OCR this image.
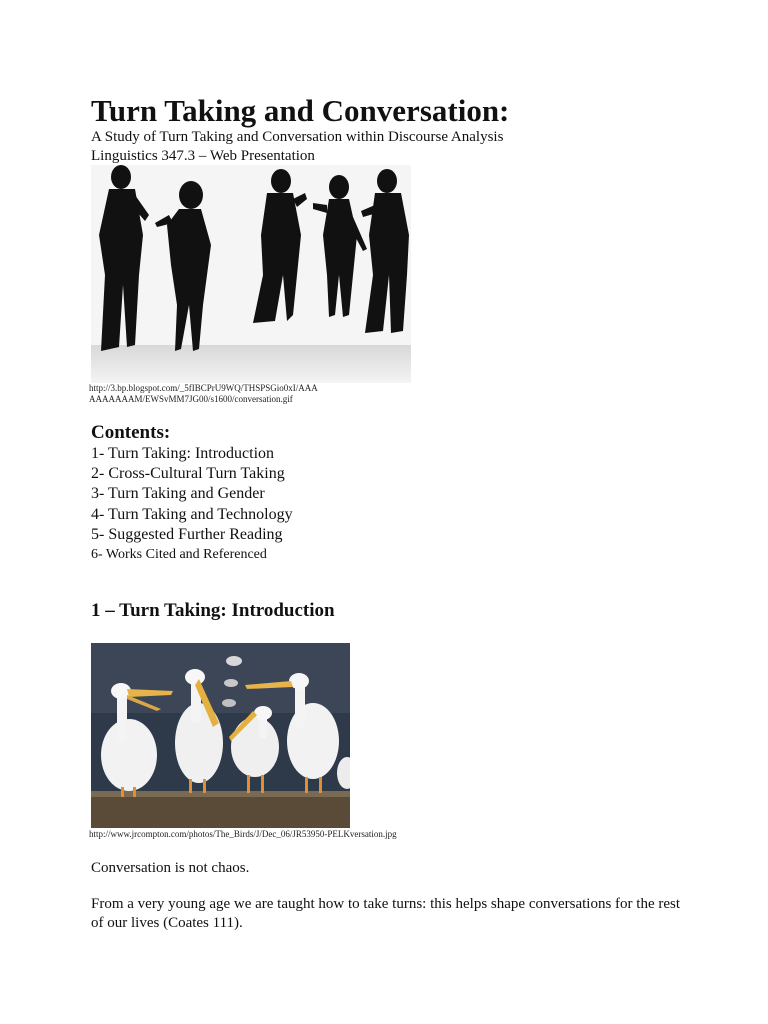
Turn Taking and Conversation:
A Study of Turn Taking and Conversation within Discourse Analysis
Linguistics 347.3 – Web Presentation
http://3.bp.blogspot.com/_5fIBCPrU9WQ/THSPSGio0xI/AAA
AAAAAAAM/EWSvMM7JG00/s1600/conversation.gif
Contents:
1- Turn Taking: Introduction
2- Cross-Cultural Turn Taking
3- Turn Taking and Gender
4- Turn Taking and Technology
5- Suggested Further Reading
6- Works Cited and Referenced
1 – Turn Taking: Introduction
http://www.jrcompton.com/photos/The_Birds/J/Dec_06/JR53950-PELKversation.jpg

Conversation is not chaos.

From a very young age we are taught how to take turns: this helps shape conversations for the rest of our lives (Coates 111).
